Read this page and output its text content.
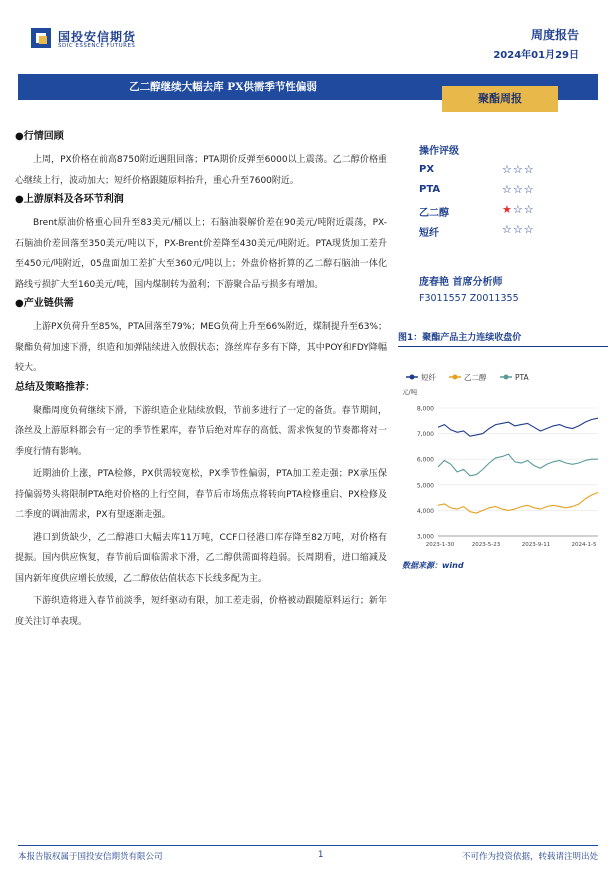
国投安信期货
SDIC ESSENCE FUTURES
周度报告
2024年01月29日
乙二醇继续大幅去库 PX供需季节性偏弱
聚酯周报
●行情回顾

上周，PX价格在前高8750附近遇阻回落；PTA期价反弹至6000以上震荡。乙二醇价格重心继续上行，波动加大；短纤价格跟随原料抬升，重心升至7600附近。

●上游原料及各环节利润

Brent原油价格重心回升至83美元/桶以上；石脑油裂解价差在90美元/吨附近震荡，PX-石脑油价差回落至350美元/吨以下，PX-Brent价差降至430美元/吨附近。PTA现货加工差升至450元/吨附近，05盘面加工差扩大至360元/吨以上；外盘价格折算的乙二醇石脑油一体化路线亏损扩大至160美元/吨，国内煤制转为盈利；下游聚合品亏损多有增加。

●产业链供需

上游PX负荷升至85%，PTA回落至79%；MEG负荷上升至66%附近，煤制提升至63%；聚酯负荷加速下滑，织造和加弹陆续进入放假状态；涤丝库存多有下降，其中POY和FDY降幅较大。

总结及策略推荐：

聚酯周度负荷继续下滑，下游织造企业陆续放假，节前多进行了一定的备货。春节期间，涤丝及上游原料都会有一定的季节性累库，春节后绝对库存的高低、需求恢复的节奏都将对一季度行情有影响。

近期油价上涨，PTA检修，PX供需较宽松，PX季节性偏弱，PTA加工差走强；PX承压保持偏弱势头将限制PTA绝对价格的上行空间，春节后市场焦点将转向PTA检修重启、PX检修及二季度的调油需求，PX有望逐渐走强。

港口到货缺少，乙二醇港口大幅去库11万吨，CCF口径港口库存降至82万吨，对价格有提振。国内供应恢复，春节前后面临需求下滑，乙二醇供需面将趋弱。长周期看，进口缩减及国内新年度供应增长放缓，乙二醇依估值状态下长线多配为主。

下游织造将进入春节前淡季，短纤驱动有限，加工差走弱，价格被动跟随原料运行；新年度关注订单表现。

操作评级
PX	☆☆☆
PTA	☆☆☆
乙二醇	★☆☆
短纤	☆☆☆
庞春艳 首席分析师
F3011557 Z0011355
图1：聚酯产品主力连续收盘价
短纤	乙二醇	PTA
元/吨
8,000
7,000
6,000
5,000
4,000
3,000
2023-1-30	2023-5-23	2023-9-11	2024-1-5
数据来源：wind
本报告版权属于国投安信期货有限公司	1	不可作为投资依据，转载请注明出处
